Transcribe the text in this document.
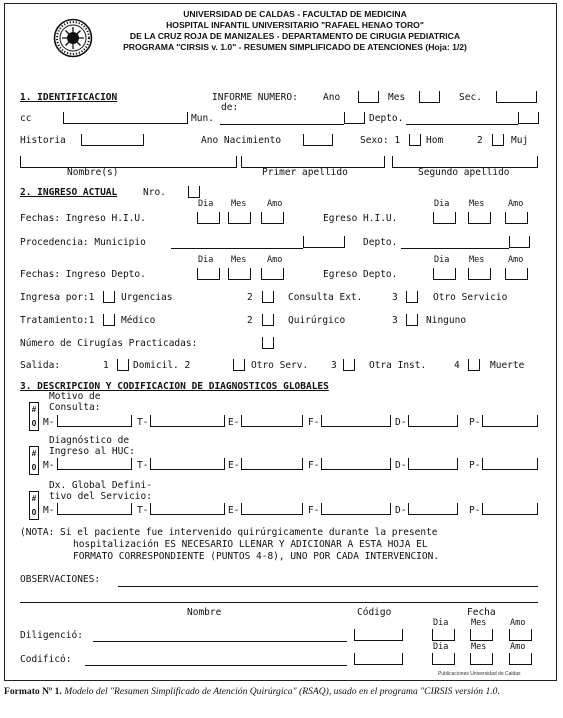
UNIVERSIDAD DE CALDAS - FACULTAD DE MEDICINA
HOSPITAL INFANTIL UNIVERSITARIO "RAFAEL HENAO TORO"
DE LA CRUZ ROJA DE MANIZALES - DEPARTAMENTO DE CIRUGIA PEDIATRICA
PROGRAMA "CIRSIS v. 1.0" - RESUMEN SIMPLIFICADO DE ATENCIONES (Hoja: 1/2)
1. IDENTIFICACION	INFORME NUMERO:	Ano	Mes	Sec.
de:
cc	Mun.	Depto.
Historia	Ano Nacimiento	Sexo: 1	Hom	2	Muj
Nombre(s)	Primer apellido	Segundo apellido
2. INGRESO ACTUAL	Nro.
Dia Mes Amo	Dia Mes	Amo
Fechas: Ingreso H.I.U.	Egreso H.I.U.
Procedencia: Municipio	Depto.
Dia Mes Amo	Dia Mes	Amo
Fechas: Ingreso Depto.	Egreso Depto.
Ingresa por:1	Urgencias	2	Consulta Ext.	3	Otro Servicio
Tratamiento:1	Médico	2	Quirúrgico	3	Ninguno
Número de Cirugías Practicadas:
Salida:	1	Domicil. 2	Otro Serv. 3	Otra Inst.	4	Muerte
3. DESCRIPCION Y CODIFICACION DE DIAGNOSTICOS GLOBALES
Motivo de
Consulta:
#
0 M-	T-	E-	F-	D-	P-
Diagnóstico de
Ingreso al HUC:
#
0 M-	T-	E-	F-	D-	P-
Dx. Global Defini-
tivo del Servicio:
#
0 M-	T-	E-	F-	D-	P-
(NOTA: Si el paciente fue intervenido quirúrgicamente durante la presente
hospitalización ES NECESARIO LLENAR Y ADICIONAR A ESTA HOJA EL
FORMATO CORRESPONDIENTE (PUNTOS 4-8), UNO POR CADA INTERVENCION.
OBSERVACIONES:
Nombre	Código	Fecha
Dia	Mes	Amo
Diligenció:
Dia	Mes	Amo
Codificó:
Publicaciones Universidad de Caldas
Formato Nº 1. Modelo del "Resumen Simplificado de Atención Quirúrgica" (RSAQ), usado en el programa "CIRSIS versión 1.0.
